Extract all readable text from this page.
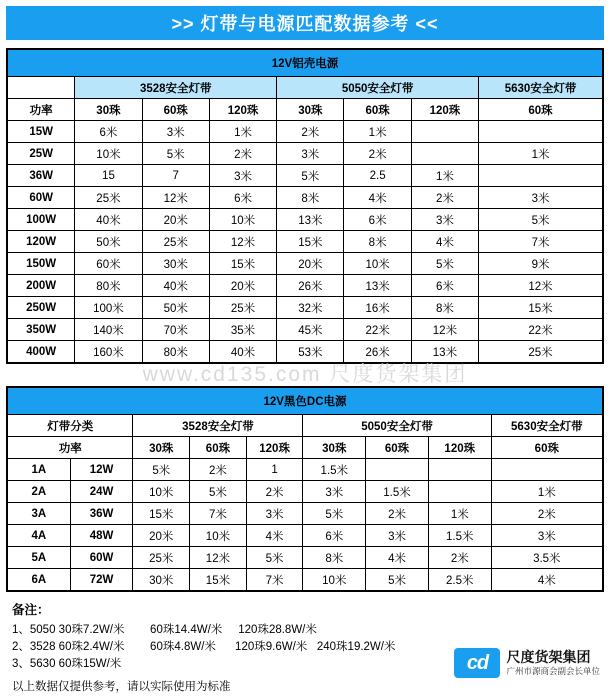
>> 灯带与电源匹配数据参考 <<
12V铝壳电源							
	3528安全灯带			5050安全灯带			5630安全灯带
功率	30珠	60珠	120珠	30珠	60珠	120珠	60珠
15W	6米	3米	1米	2米	1米		
25W	10米	5米	2米	3米	2米		1米
36W	15	7	3米	5米	2.5	1米	
60W	25米	12米	6米	8米	4米	2米	3米
100W	40米	20米	10米	13米	6米	3米	5米
120W	50米	25米	12米	15米	8米	4米	7米
150W	60米	30米	15米	20米	10米	5米	9米
200W	80米	40米	20米	26米	13米	6米	12米
250W	100米	50米	25米	32米	16米	8米	15米
350W	140米	70米	35米	45米	22米	12米	22米
400W	160米	80米	40米	53米	26米	13米	25米
12V黑色DC电源								
灯带分类		3528安全灯带			5050安全灯带			5630安全灯带
功率		30珠	60珠	120珠	30珠	60珠	120珠	60珠
1A	12W	5米	2米	1	1.5米			
2A	24W	10米	5米	2米	3米	1.5米		1米
3A	36W	15米	7米	3米	5米	2米	1米	2米
4A	48W	20米	10米	4米	6米	3米	1.5米	3米
5A	60W	25米	12米	5米	8米	4米	2米	3.5米
6A	72W	30米	15米	7米	10米	5米	2.5米	4米
www.cd135.com 尺度货架集团
备注：
1、5050 30珠7.2W/米        60珠14.4W/米     120珠28.8W/米
2、3528 60珠2.4W/米        60珠4.8W/米      120珠9.6W/米   240珠19.2W/米
3、5630 60珠15W/米
以上数据仅提供参考，请以实际使用为标准
cd	尺度货架集团
广州市源商会副会长单位
